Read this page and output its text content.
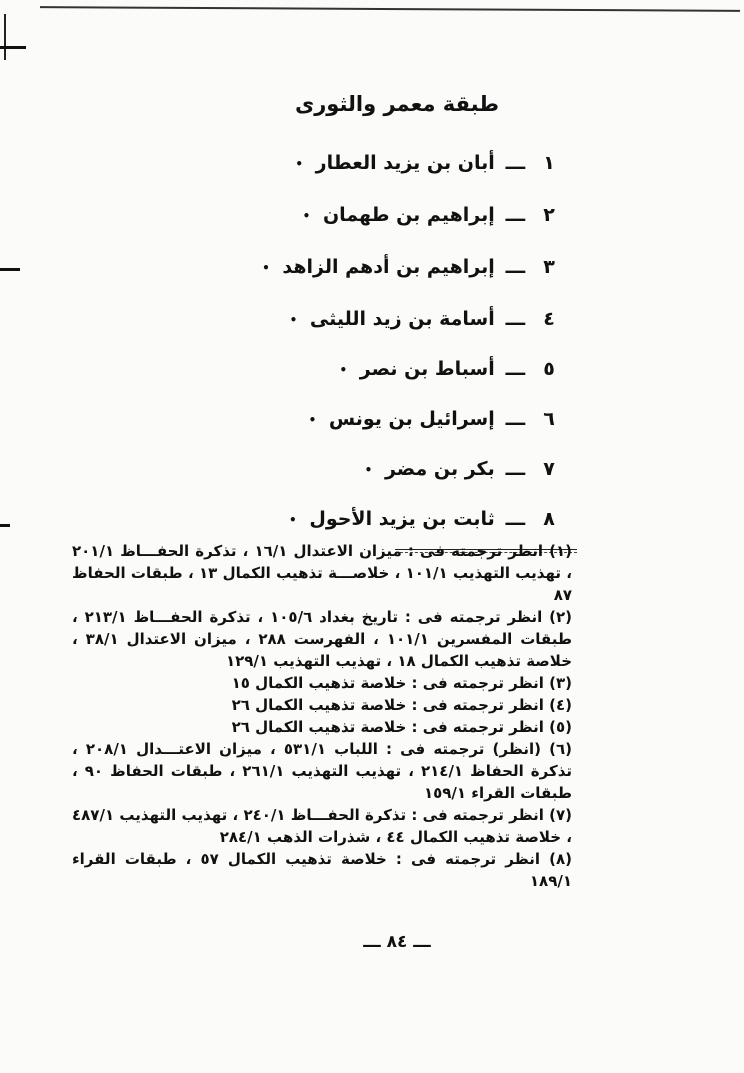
طبقة معمر والثورى
١ ـــ أبان بن يزيد العطار •
٢ ـــ إبراهيم بن طهمان •
٣ ـــ إبراهيم بن أدهم الزاهد •
٤ ـــ أسامة بن زيد الليثى •
٥ ـــ أسباط بن نصر •
٦ ـــ إسرائيل بن يونس •
٧ ـــ بكر بن مضر •
٨ ـــ ثابت بن يزيد الأحول •

(١) انظر ترجمته فى : ميزان الاعتدال ١٦/١ ، تذكرة الحفـــاظ ٢٠١/١ ، تهذيب التهذيب ١٠١/١ ، خلاصـــة تذهيب الكمال ١٣ ، طبقات الحفاظ ٨٧

(٢) انظر ترجمته فى : تاريخ بغداد ١٠٥/٦ ، تذكرة الحفـــاظ ٢١٣/١ ، طبقات المفسرين ١٠١/١ ، الفهرست ٢٨٨ ، ميزان الاعتدال ٣٨/١ ، خلاصة تذهيب الكمال ١٨ ، تهذيب التهذيب ١٢٩/١

(٣) انظر ترجمته فى : خلاصة تذهيب الكمال ١٥

(٤) انظر ترجمته فى : خلاصة تذهيب الكمال ٢٦

(٥) انظر ترجمته فى : خلاصة تذهيب الكمال ٢٦

(٦) (انظر) ترجمته فى : اللباب ٥٣١/١ ، ميزان الاعتـــدال ٢٠٨/١ ، تذكرة الحفاظ ٢١٤/١ ، تهذيب التهذيب ٢٦١/١ ، طبقات الحفاظ ٩٠ ، طبقات القراء ١٥٩/١

(٧) انظر ترجمته فى : تذكرة الحفـــاظ ٢٤٠/١ ، تهذيب التهذيب ٤٨٧/١ ، خلاصة تذهيب الكمال ٤٤ ، شذرات الذهب ٢٨٤/١

(٨) انظر ترجمته فى : خلاصة تذهيب الكمال ٥٧ ، طبقات القراء ١٨٩/١

ـــ ٨٤ ـــ
